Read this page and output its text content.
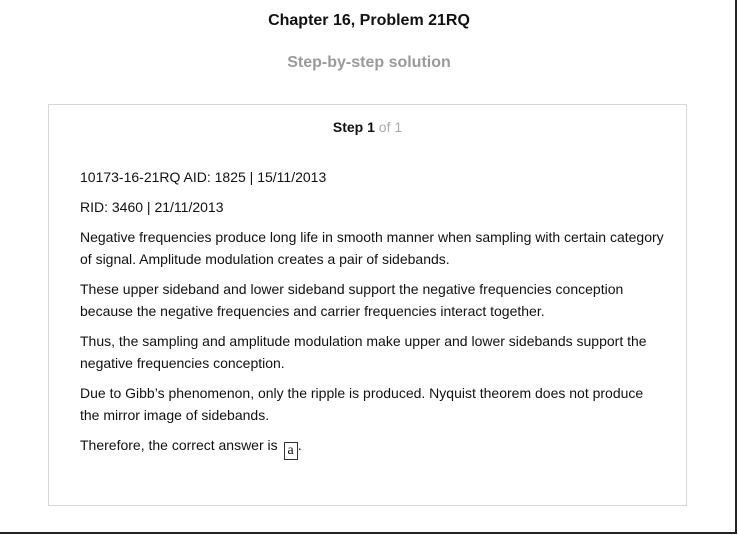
Chapter 16, Problem 21RQ
Step-by-step solution
Step 1 of 1

10173-16-21RQ AID: 1825 | 15/11/2013

RID: 3460 | 21/11/2013

Negative frequencies produce long life in smooth manner when sampling with certain category of signal. Amplitude modulation creates a pair of sidebands.

These upper sideband and lower sideband support the negative frequencies conception because the negative frequencies and carrier frequencies interact together.

Thus, the sampling and amplitude modulation make upper and lower sidebands support the negative frequencies conception.

Due to Gibb’s phenomenon, only the ripple is produced. Nyquist theorem does not produce the mirror image of sidebands.

Therefore, the correct answer is a .
